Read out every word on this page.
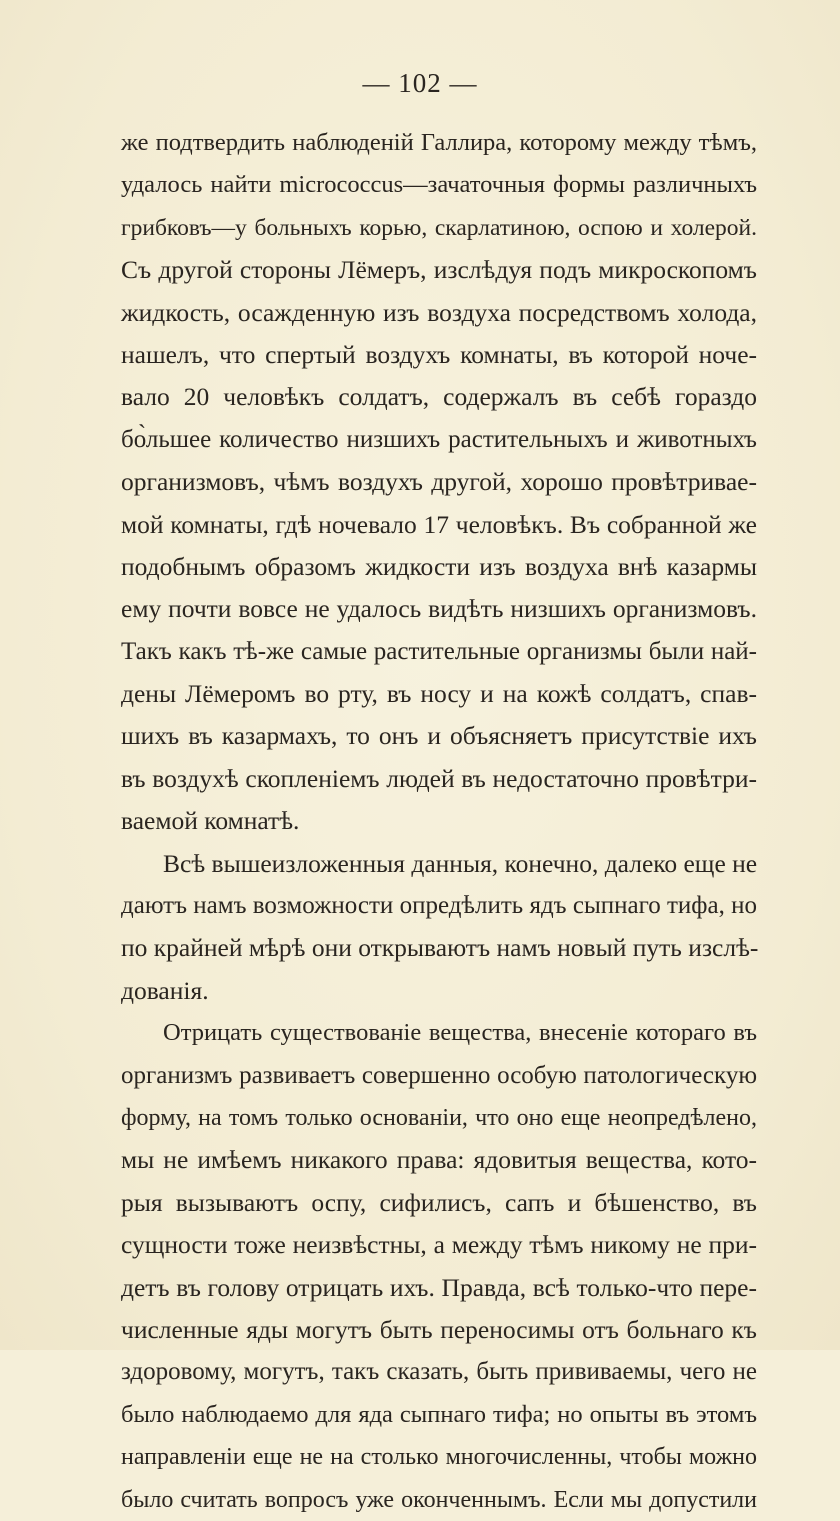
— 102 —
же подтвердить наблюденій Галлира, которому между тѣмъ,
удалось найти micrococcus—зачаточныя формы различныхъ
грибковъ—у больныхъ корью, скарлатиною, оспою и холерой.
Съ другой стороны Лёмеръ, изслѣдуя подъ микроскопомъ
жидкость, осажденную изъ воздуха посредствомъ холода,
нашелъ, что спертый воздухъ комнаты, въ которой ноче-
вало 20 человѣкъ солдатъ, содержалъ въ себѣ гораздо
бо̀льшее количество низшихъ растительныхъ и животныхъ
организмовъ, чѣмъ воздухъ другой, хорошо провѣтривае-
мой комнаты, гдѣ ночевало 17 человѣкъ. Въ собранной же
подобнымъ образомъ жидкости изъ воздуха внѣ казармы
ему почти вовсе не удалось видѣть низшихъ организмовъ.
Такъ какъ тѣ-же самые растительные организмы были най-
дены Лёмеромъ во рту, въ носу и на кожѣ солдатъ, спав-
шихъ въ казармахъ, то онъ и объясняетъ присутствіе ихъ
въ воздухѣ скопленіемъ людей въ недостаточно провѣтри-
ваемой комнатѣ.
Всѣ вышеизложенныя данныя, конечно, далеко еще не
даютъ намъ возможности опредѣлить ядъ сыпнаго тифа, но
по крайней мѣрѣ они открываютъ намъ новый путь изслѣ-
дованія.
Отрицать существованіе вещества, внесеніе котораго въ
организмъ развиваетъ совершенно особую патологическую
форму, на томъ только основаніи, что оно еще неопредѣлено,
мы не имѣемъ никакого права: ядовитыя вещества, кото-
рыя вызываютъ оспу, сифилисъ, сапъ и бѣшенство, въ
сущности тоже неизвѣстны, а между тѣмъ никому не при-
детъ въ голову отрицать ихъ. Правда, всѣ только-что пере-
численные яды могутъ быть переносимы отъ больнаго къ
здоровому, могутъ, такъ сказать, быть прививаемы, чего не
было наблюдаемо для яда сыпнаго тифа; но опыты въ этомъ
направленіи еще не на столько многочисленны, чтобы можно
было считать вопросъ уже оконченнымъ. Если мы допустили
